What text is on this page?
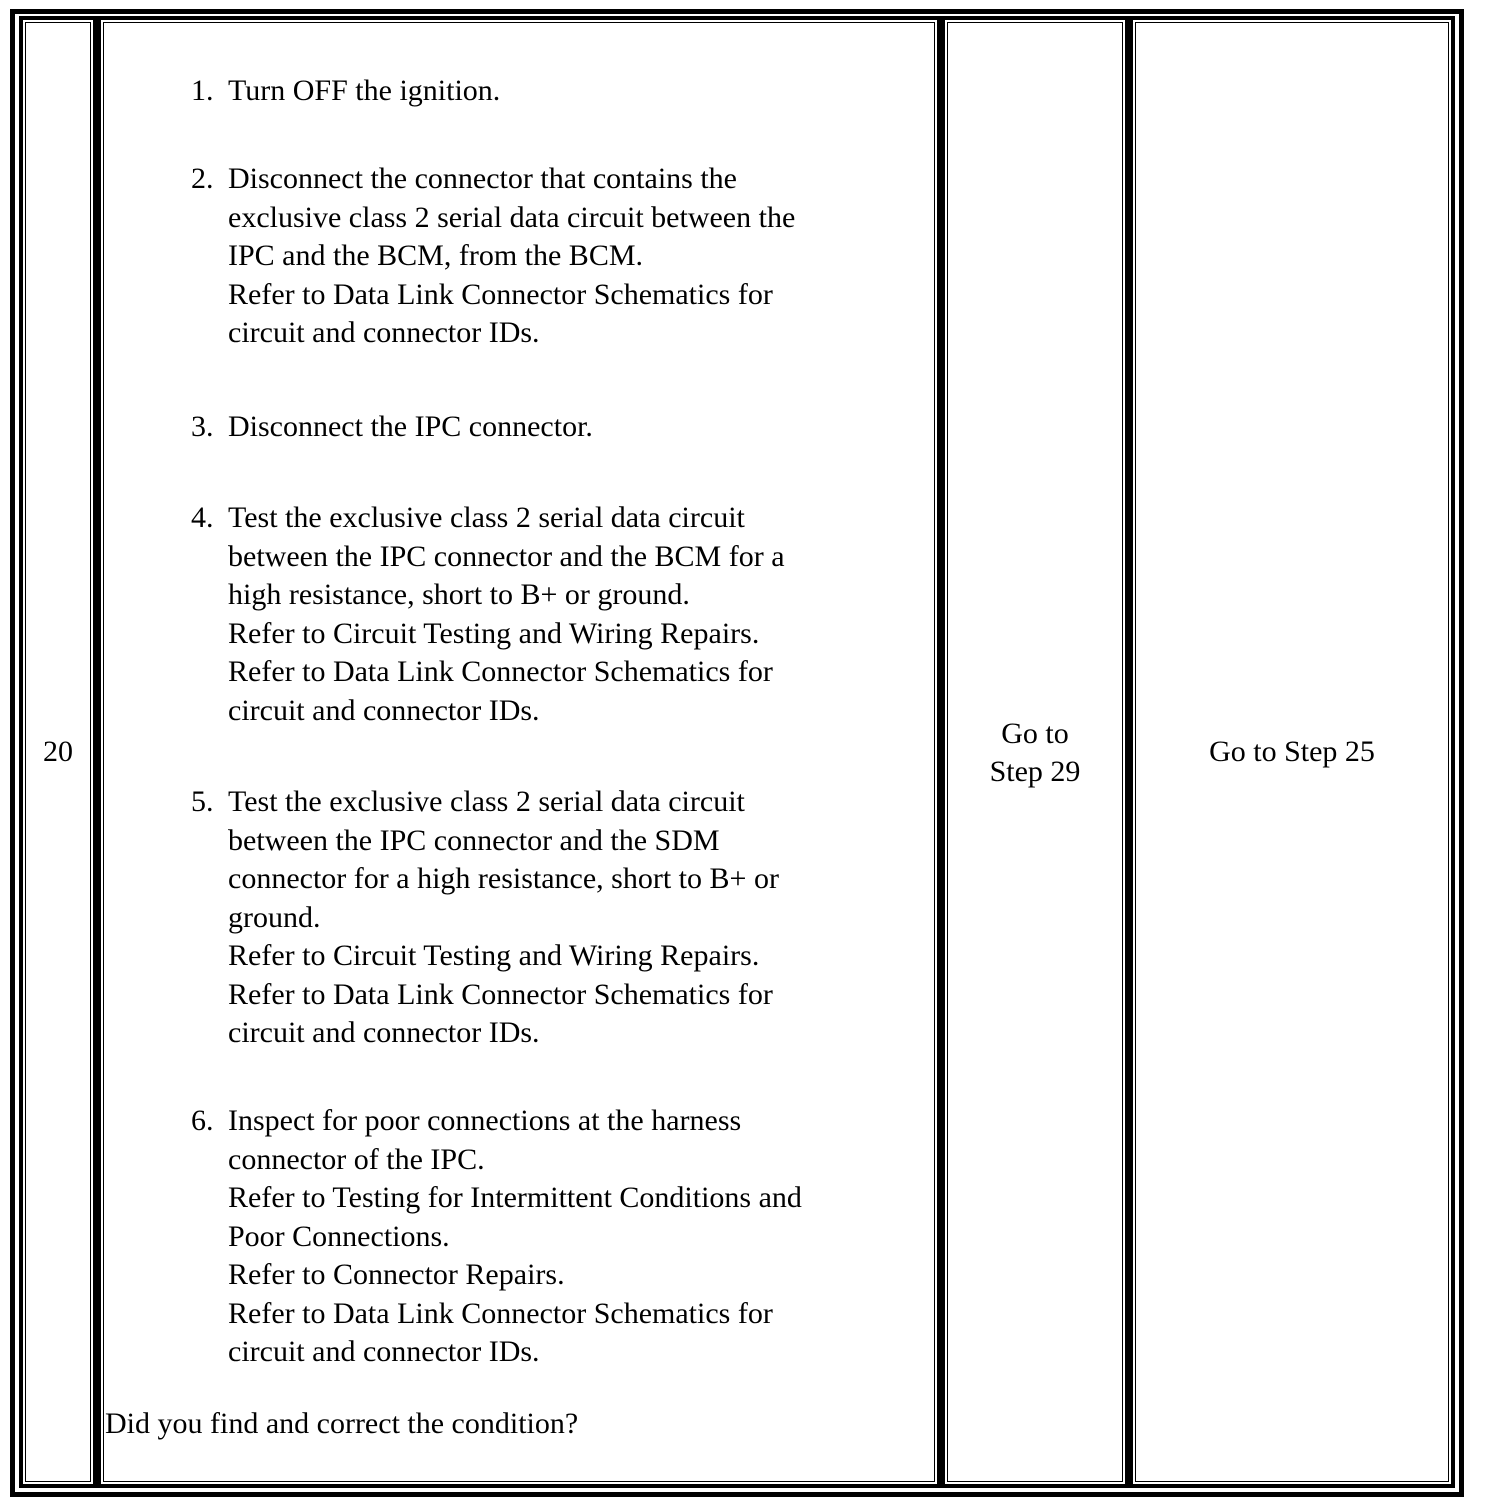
20
1. Turn OFF the ignition.
2. Disconnect the connector that contains the
exclusive class 2 serial data circuit between the
IPC and the BCM, from the BCM.
Refer to Data Link Connector Schematics for
circuit and connector IDs.
3. Disconnect the IPC connector.
4. Test the exclusive class 2 serial data circuit
between the IPC connector and the BCM for a
high resistance, short to B+ or ground.
Refer to Circuit Testing and Wiring Repairs.
Refer to Data Link Connector Schematics for
circuit and connector IDs.
5. Test the exclusive class 2 serial data circuit
between the IPC connector and the SDM
connector for a high resistance, short to B+ or
ground.
Refer to Circuit Testing and Wiring Repairs.
Refer to Data Link Connector Schematics for
circuit and connector IDs.
6. Inspect for poor connections at the harness
connector of the IPC.
Refer to Testing for Intermittent Conditions and
Poor Connections.
Refer to Connector Repairs.
Refer to Data Link Connector Schematics for
circuit and connector IDs.
Did you find and correct the condition?
Go to
Step 29
Go to Step 25
